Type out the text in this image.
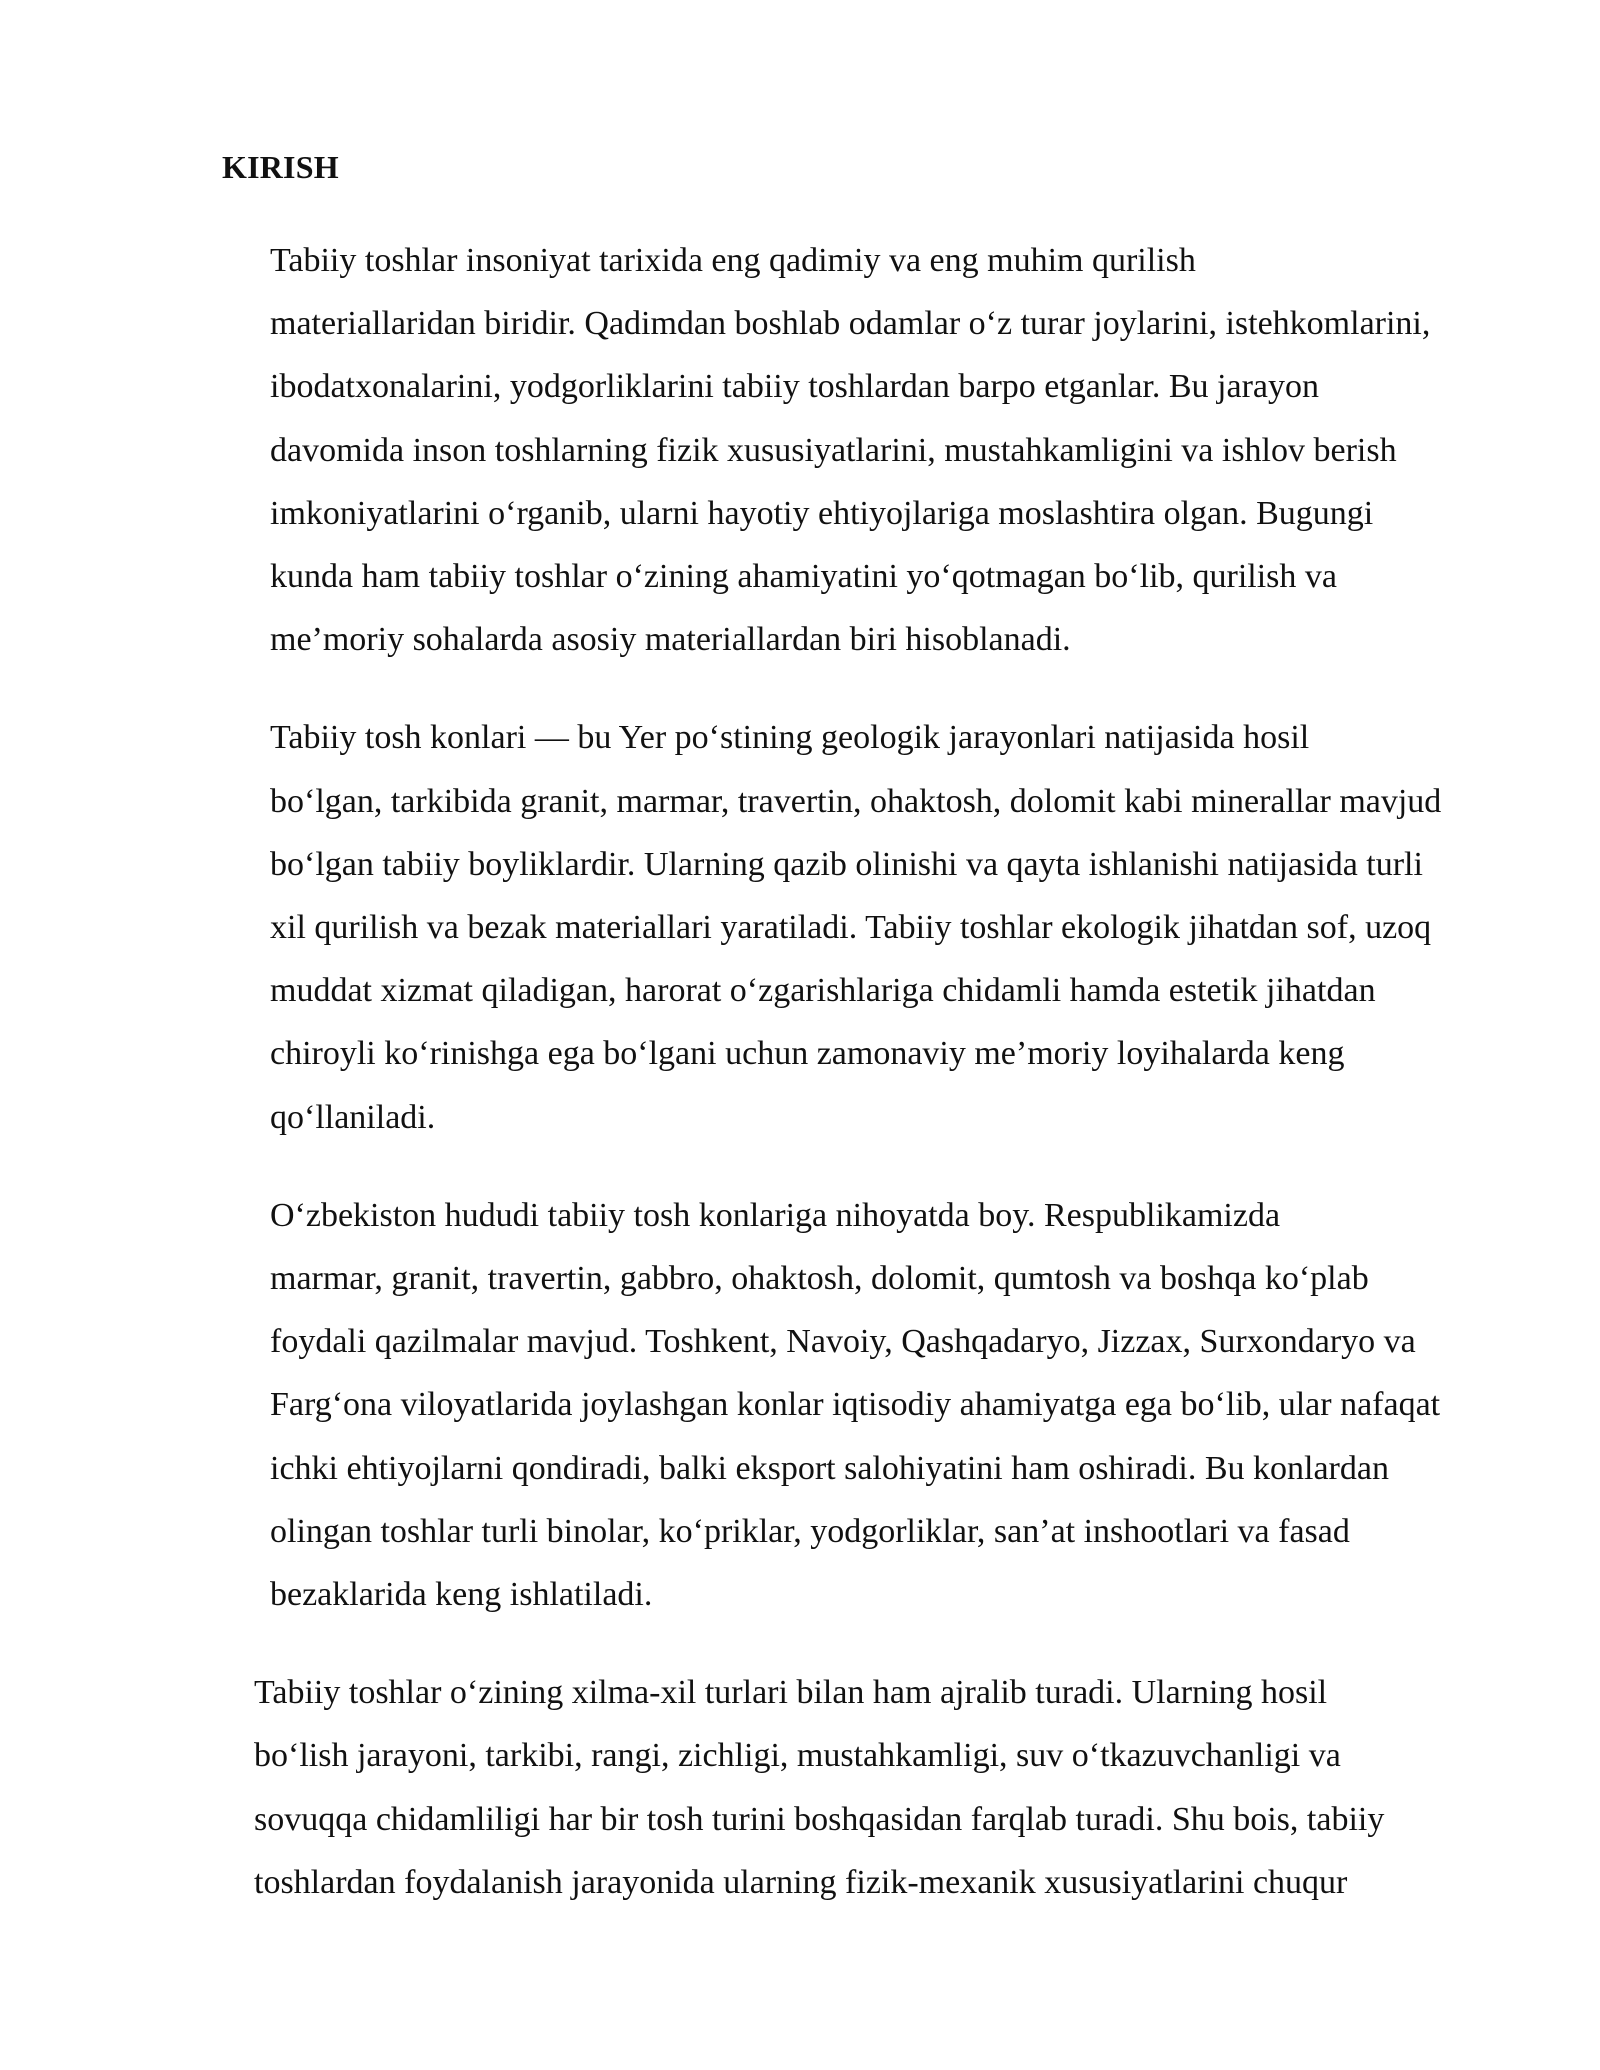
KIRISH

Tabiiy toshlar insoniyat tarixida eng qadimiy va eng muhim qurilish
materiallaridan biridir. Qadimdan boshlab odamlar o‘z turar joylarini, istehkomlarini,
ibodatxonalarini, yodgorliklarini tabiiy toshlardan barpo etganlar. Bu jarayon
davomida inson toshlarning fizik xususiyatlarini, mustahkamligini va ishlov berish
imkoniyatlarini o‘rganib, ularni hayotiy ehtiyojlariga moslashtira olgan. Bugungi
kunda ham tabiiy toshlar o‘zining ahamiyatini yo‘qotmagan bo‘lib, qurilish va
me’moriy sohalarda asosiy materiallardan biri hisoblanadi.

Tabiiy tosh konlari — bu Yer po‘stining geologik jarayonlari natijasida hosil
bo‘lgan, tarkibida granit, marmar, travertin, ohaktosh, dolomit kabi minerallar mavjud
bo‘lgan tabiiy boyliklardir. Ularning qazib olinishi va qayta ishlanishi natijasida turli
xil qurilish va bezak materiallari yaratiladi. Tabiiy toshlar ekologik jihatdan sof, uzoq
muddat xizmat qiladigan, harorat o‘zgarishlariga chidamli hamda estetik jihatdan
chiroyli ko‘rinishga ega bo‘lgani uchun zamonaviy me’moriy loyihalarda keng
qo‘llaniladi.

O‘zbekiston hududi tabiiy tosh konlariga nihoyatda boy. Respublikamizda
marmar, granit, travertin, gabbro, ohaktosh, dolomit, qumtosh va boshqa ko‘plab
foydali qazilmalar mavjud. Toshkent, Navoiy, Qashqadaryo, Jizzax, Surxondaryo va
Farg‘ona viloyatlarida joylashgan konlar iqtisodiy ahamiyatga ega bo‘lib, ular nafaqat
ichki ehtiyojlarni qondiradi, balki eksport salohiyatini ham oshiradi. Bu konlardan
olingan toshlar turli binolar, ko‘priklar, yodgorliklar, san’at inshootlari va fasad
bezaklarida keng ishlatiladi.

Tabiiy toshlar o‘zining xilma-xil turlari bilan ham ajralib turadi. Ularning hosil
bo‘lish jarayoni, tarkibi, rangi, zichligi, mustahkamligi, suv o‘tkazuvchanligi va
sovuqqa chidamliligi har bir tosh turini boshqasidan farqlab turadi. Shu bois, tabiiy
toshlardan foydalanish jarayonida ularning fizik-mexanik xususiyatlarini chuqur
